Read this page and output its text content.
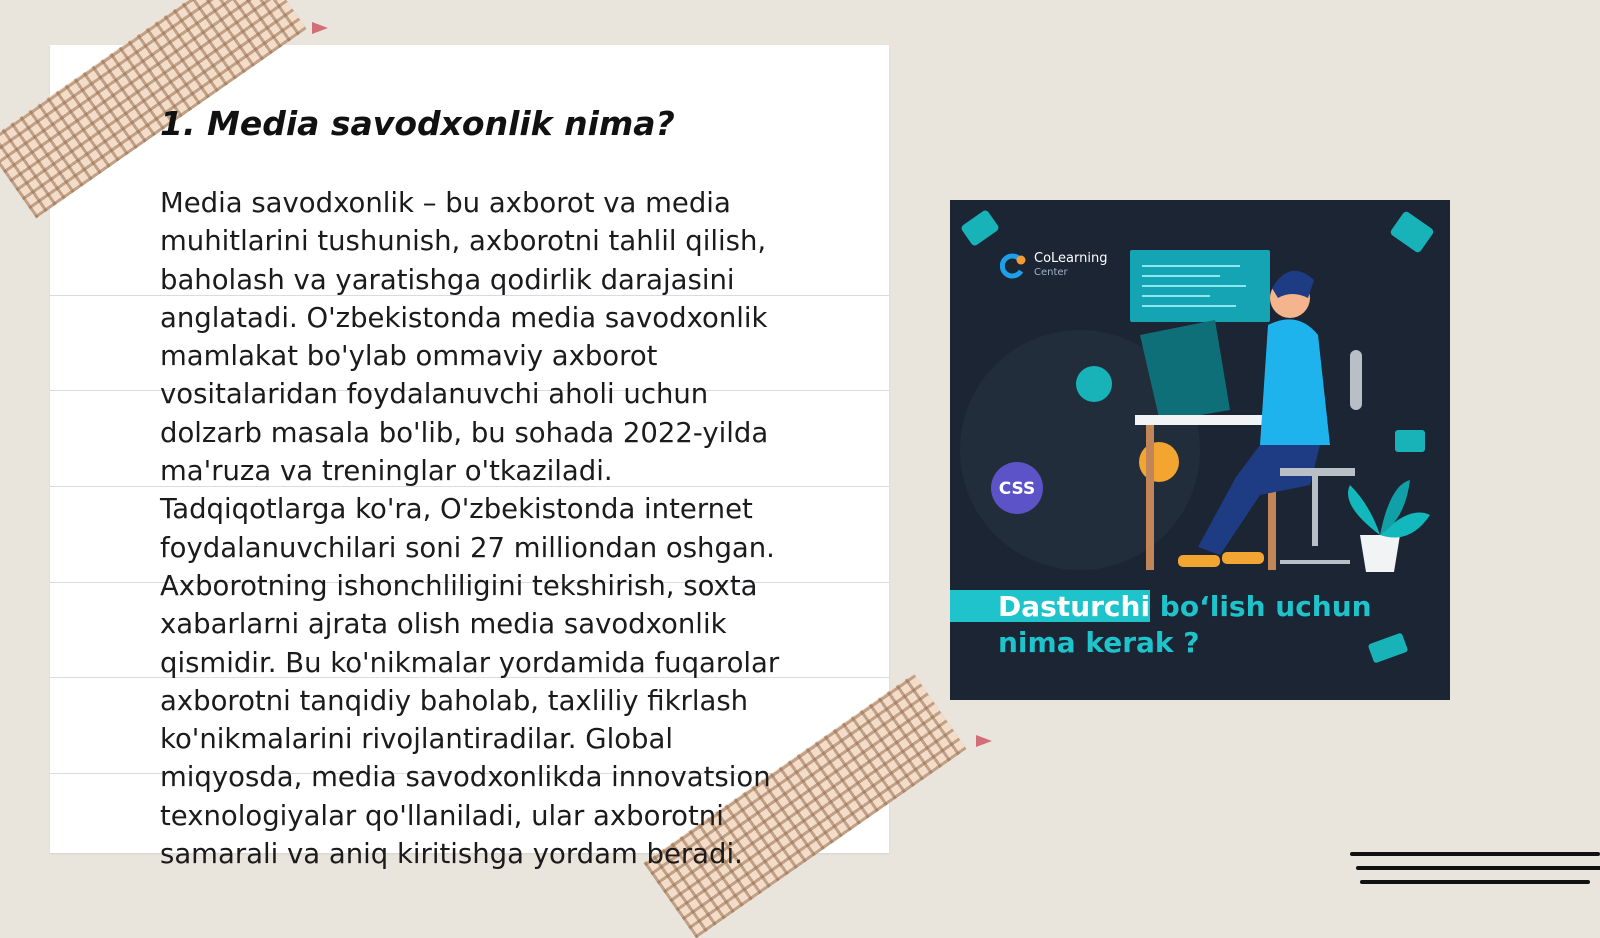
1. Media savodxonlik nima?
Media savodxonlik – bu axborot va media
muhitlarini tushunish, axborotni tahlil qilish,
baholash va yaratishga qodirlik darajasini
anglatadi. O'zbekistonda media savodxonlik
mamlakat bo'ylab ommaviy axborot
vositalaridan foydalanuvchi aholi uchun
dolzarb masala bo'lib, bu sohada 2022-yilda
ma'ruza va treninglar o'tkaziladi.
Tadqiqotlarga ko'ra, O'zbekistonda internet
foydalanuvchilari soni 27 milliondan oshgan.
Axborotning ishonchliligini tekshirish, soxta
xabarlarni ajrata olish media savodxonlik
qismidir. Bu ko'nikmalar yordamida fuqarolar
axborotni tanqidiy baholab, taxliliy fikrlash
ko'nikmalarini rivojlantiradilar. Global
miqyosda, media savodxonlikda innovatsion
texnologiyalar qo'llaniladi, ular axborotni
samarali va aniq kiritishga yordam beradi.
CSS
CoLearning
Center
Dasturchi bo‘lish uchun
nima kerak ?
